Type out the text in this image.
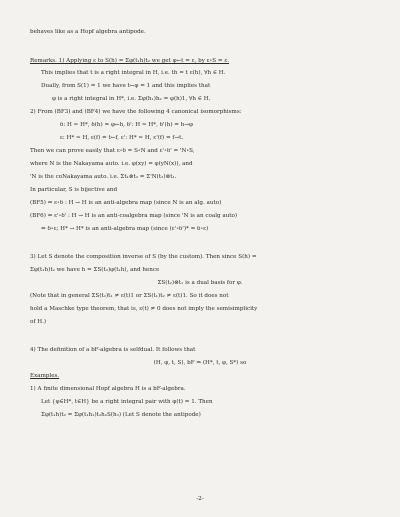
behaves like as a Hopf algebra antipode.
Remarks. 1) Applying ε to S(h) = Σφ(t₁h)t₂ we get φ←t = ε, by ε∘S = ε.
This implies that t is a right integral in H, i.e. th = t ε(h), ∀h ∈ H.
Dually, from S(1) = 1 we have t←φ = 1 and this implies that
φ is a right integral in H*, i.e. Σφ(h₁)h₂ = φ(h)1, ∀h ∈ H.
2) From (BF3) and (BF4) we have the following 4 canonical isomorphisms:
δ: H ≃ H*, δ(h) = φ←h, δ': H ≃ H*, δ'(h) = h→φ
ε: H* ≃ H, ε(f) = t←f, ε': H* ≃ H, ε'(f) = f→t.
Then we can prove easily that ε∘δ = S∘N and ε'∘δ' = 'N∘S,
where N is the Nakayama auto. i.e. φ(xy) = φ(yN(x)), and
'N is the coNakayama auto. i.e. Σt₁⊗t₂ = Σ'N(t₂)⊗t₁.
In particular, S is bijective and
(BF5) ⇔ ε∘δ : H → H is an anti-algebra map (since N is an alg. auto)
(BF6) ⇔ ε'∘δ' : H → H is an anti-coalgebra map (since 'N is an coalg auto)
⇔ δ∘ε; H* → H* is an anti-algebra map (since (ε'∘δ')* = δ∘ε)
3) Let S denote the composition inverse of S (by the custom). Then since S(h) =
Σφ(t₁h)t₂ we have h = ΣS(t₂)φ(t₁h), and hence
ΣS(t₂)⊗t₁ is a dual basis for φ.
(Note that in general ΣS(t₂)t₁ ≠ ε(t)1 or ΣS(t₁)t₂ ≠ ε(t)1. So it does not
hold a Maschke type theorem, that is, ε(t) ≠ 0 does not imply the semisimplicity
of H.)
4) The definition of a bF-algebra is selfdual. It follows that
(H, φ, t, S), bF ⇒ (H*, t, φ, S*) so
Examples.
1) A finite dimensional Hopf algebra H is a bF-algebra.
Let {φ∈H*, t∈H} be a right integral pair with φ(t) = 1. Then
Σφ(t₁h)t₂ = Σφ(t₁h₁)t₂h₂S(h₃) (Let S denote the antipode)
-2-
